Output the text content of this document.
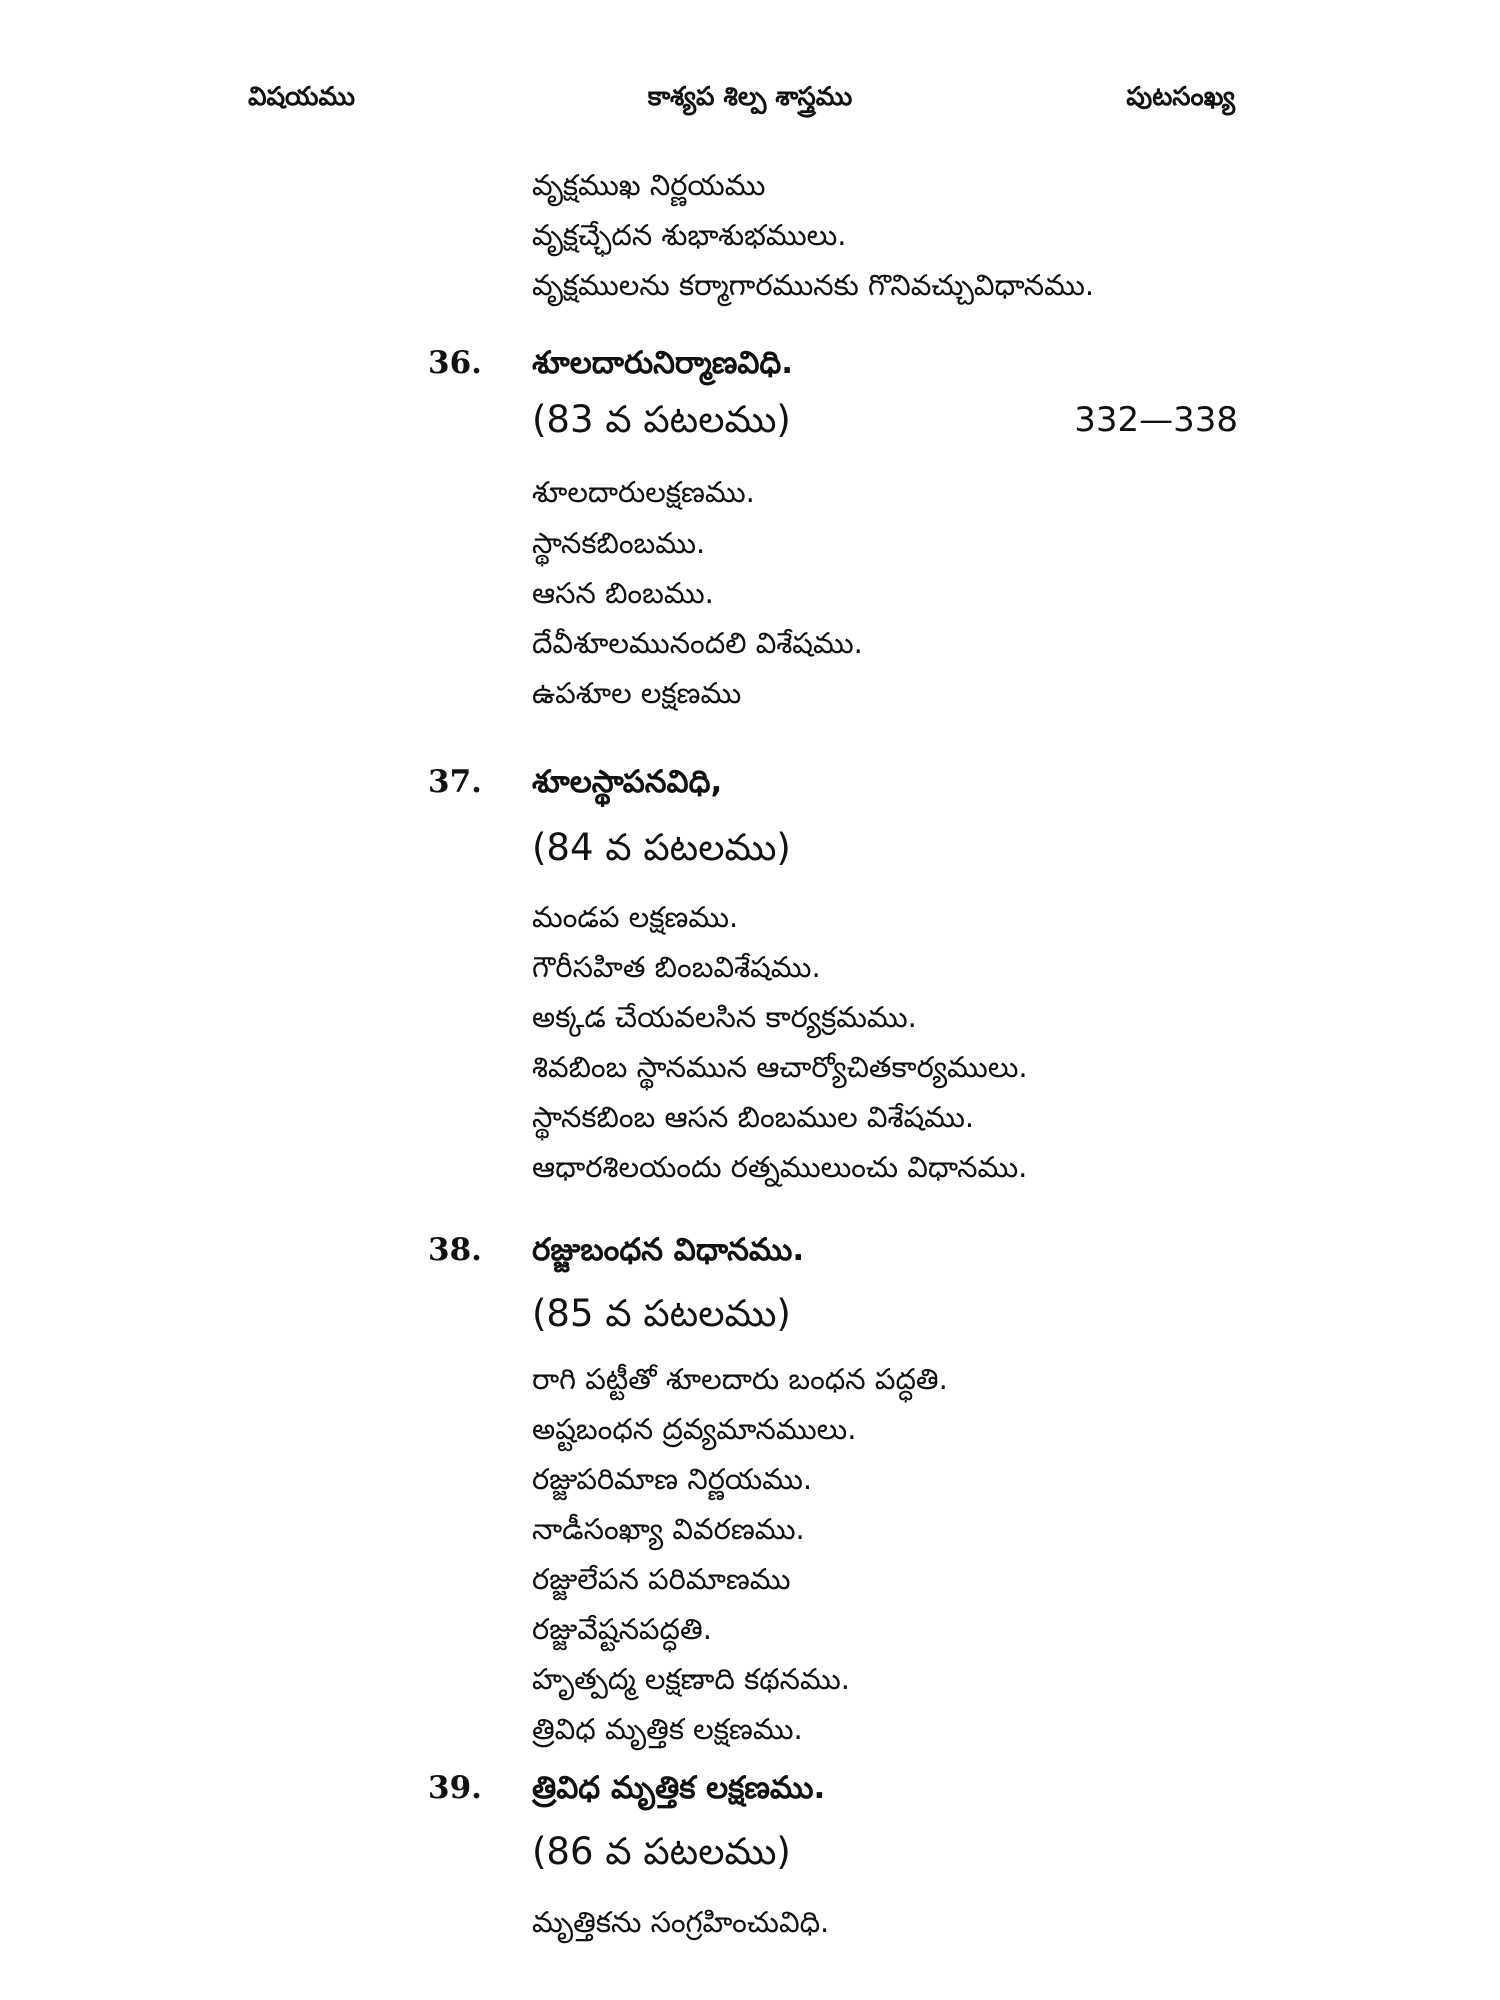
విషయము	కాశ్యప శిల్ప శాస్త్రము	పుటసంఖ్య
వృక్షముఖ నిర్ణయము
వృక్షచ్ఛేదన శుభాశుభములు.
వృక్షములను కర్మాగారమునకు గొనివచ్చువిధానము.
36. శూలదారునిర్మాణవిధి.
(83 వ పటలము)	332—338
శూలదారులక్షణము.
స్థానకబింబము.
ఆసన బింబము.
దేవీశూలమునందలి విశేషము.
ఉపశూల లక్షణము
37. శూలస్థాపనవిధి,
(84 వ పటలము)
మండప లక్షణము.
గౌరీసహిత బింబవిశేషము.
అక్కడ చేయవలసిన కార్యక్రమము.
శివబింబ స్థానమున ఆచార్యోచితకార్యములు.
స్థానకబింబ ఆసన బింబముల విశేషము.
ఆధారశిలయందు రత్నములుంచు విధానము.
38. రజ్జుబంధన విధానము.
(85 వ పటలము)
రాగి పట్టీతో శూలదారు బంధన పద్ధతి.
అష్టబంధన ద్రవ్యమానములు.
రజ్జుపరిమాణ నిర్ణయము.
నాడీసంఖ్యా వివరణము.
రజ్జులేపన పరిమాణము
రజ్జువేష్టనపద్ధతి.
హృత్పద్మ లక్షణాది కథనము.
త్రివిధ మృత్తిక లక్షణము.
39. త్రివిధ మృత్తిక లక్షణము.
(86 వ పటలము)
మృత్తికను సంగ్రహించువిధి.
